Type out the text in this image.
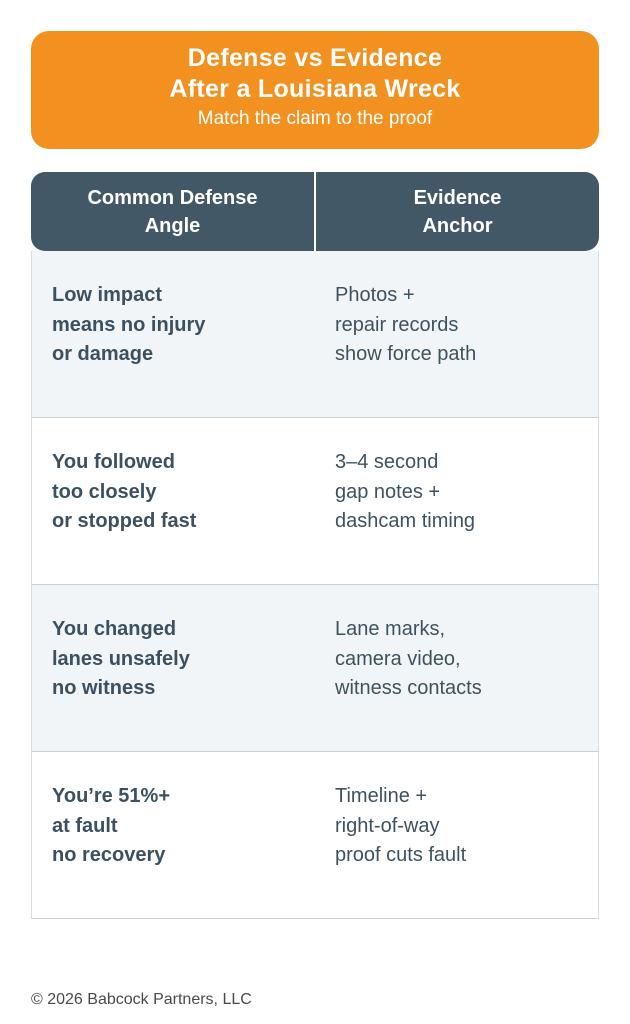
Defense vs Evidence
After a Louisiana Wreck
Match the claim to the proof
Common Defense
Angle
Evidence
Anchor
Low impact
means no injury
or damage
Photos +
repair records
show force path
You followed
too closely
or stopped fast
3–4 second
gap notes +
dashcam timing
You changed
lanes unsafely
no witness
Lane marks,
camera video,
witness contacts
You’re 51%+
at fault
no recovery
Timeline +
right-of-way
proof cuts fault
© 2026 Babcock Partners, LLC
